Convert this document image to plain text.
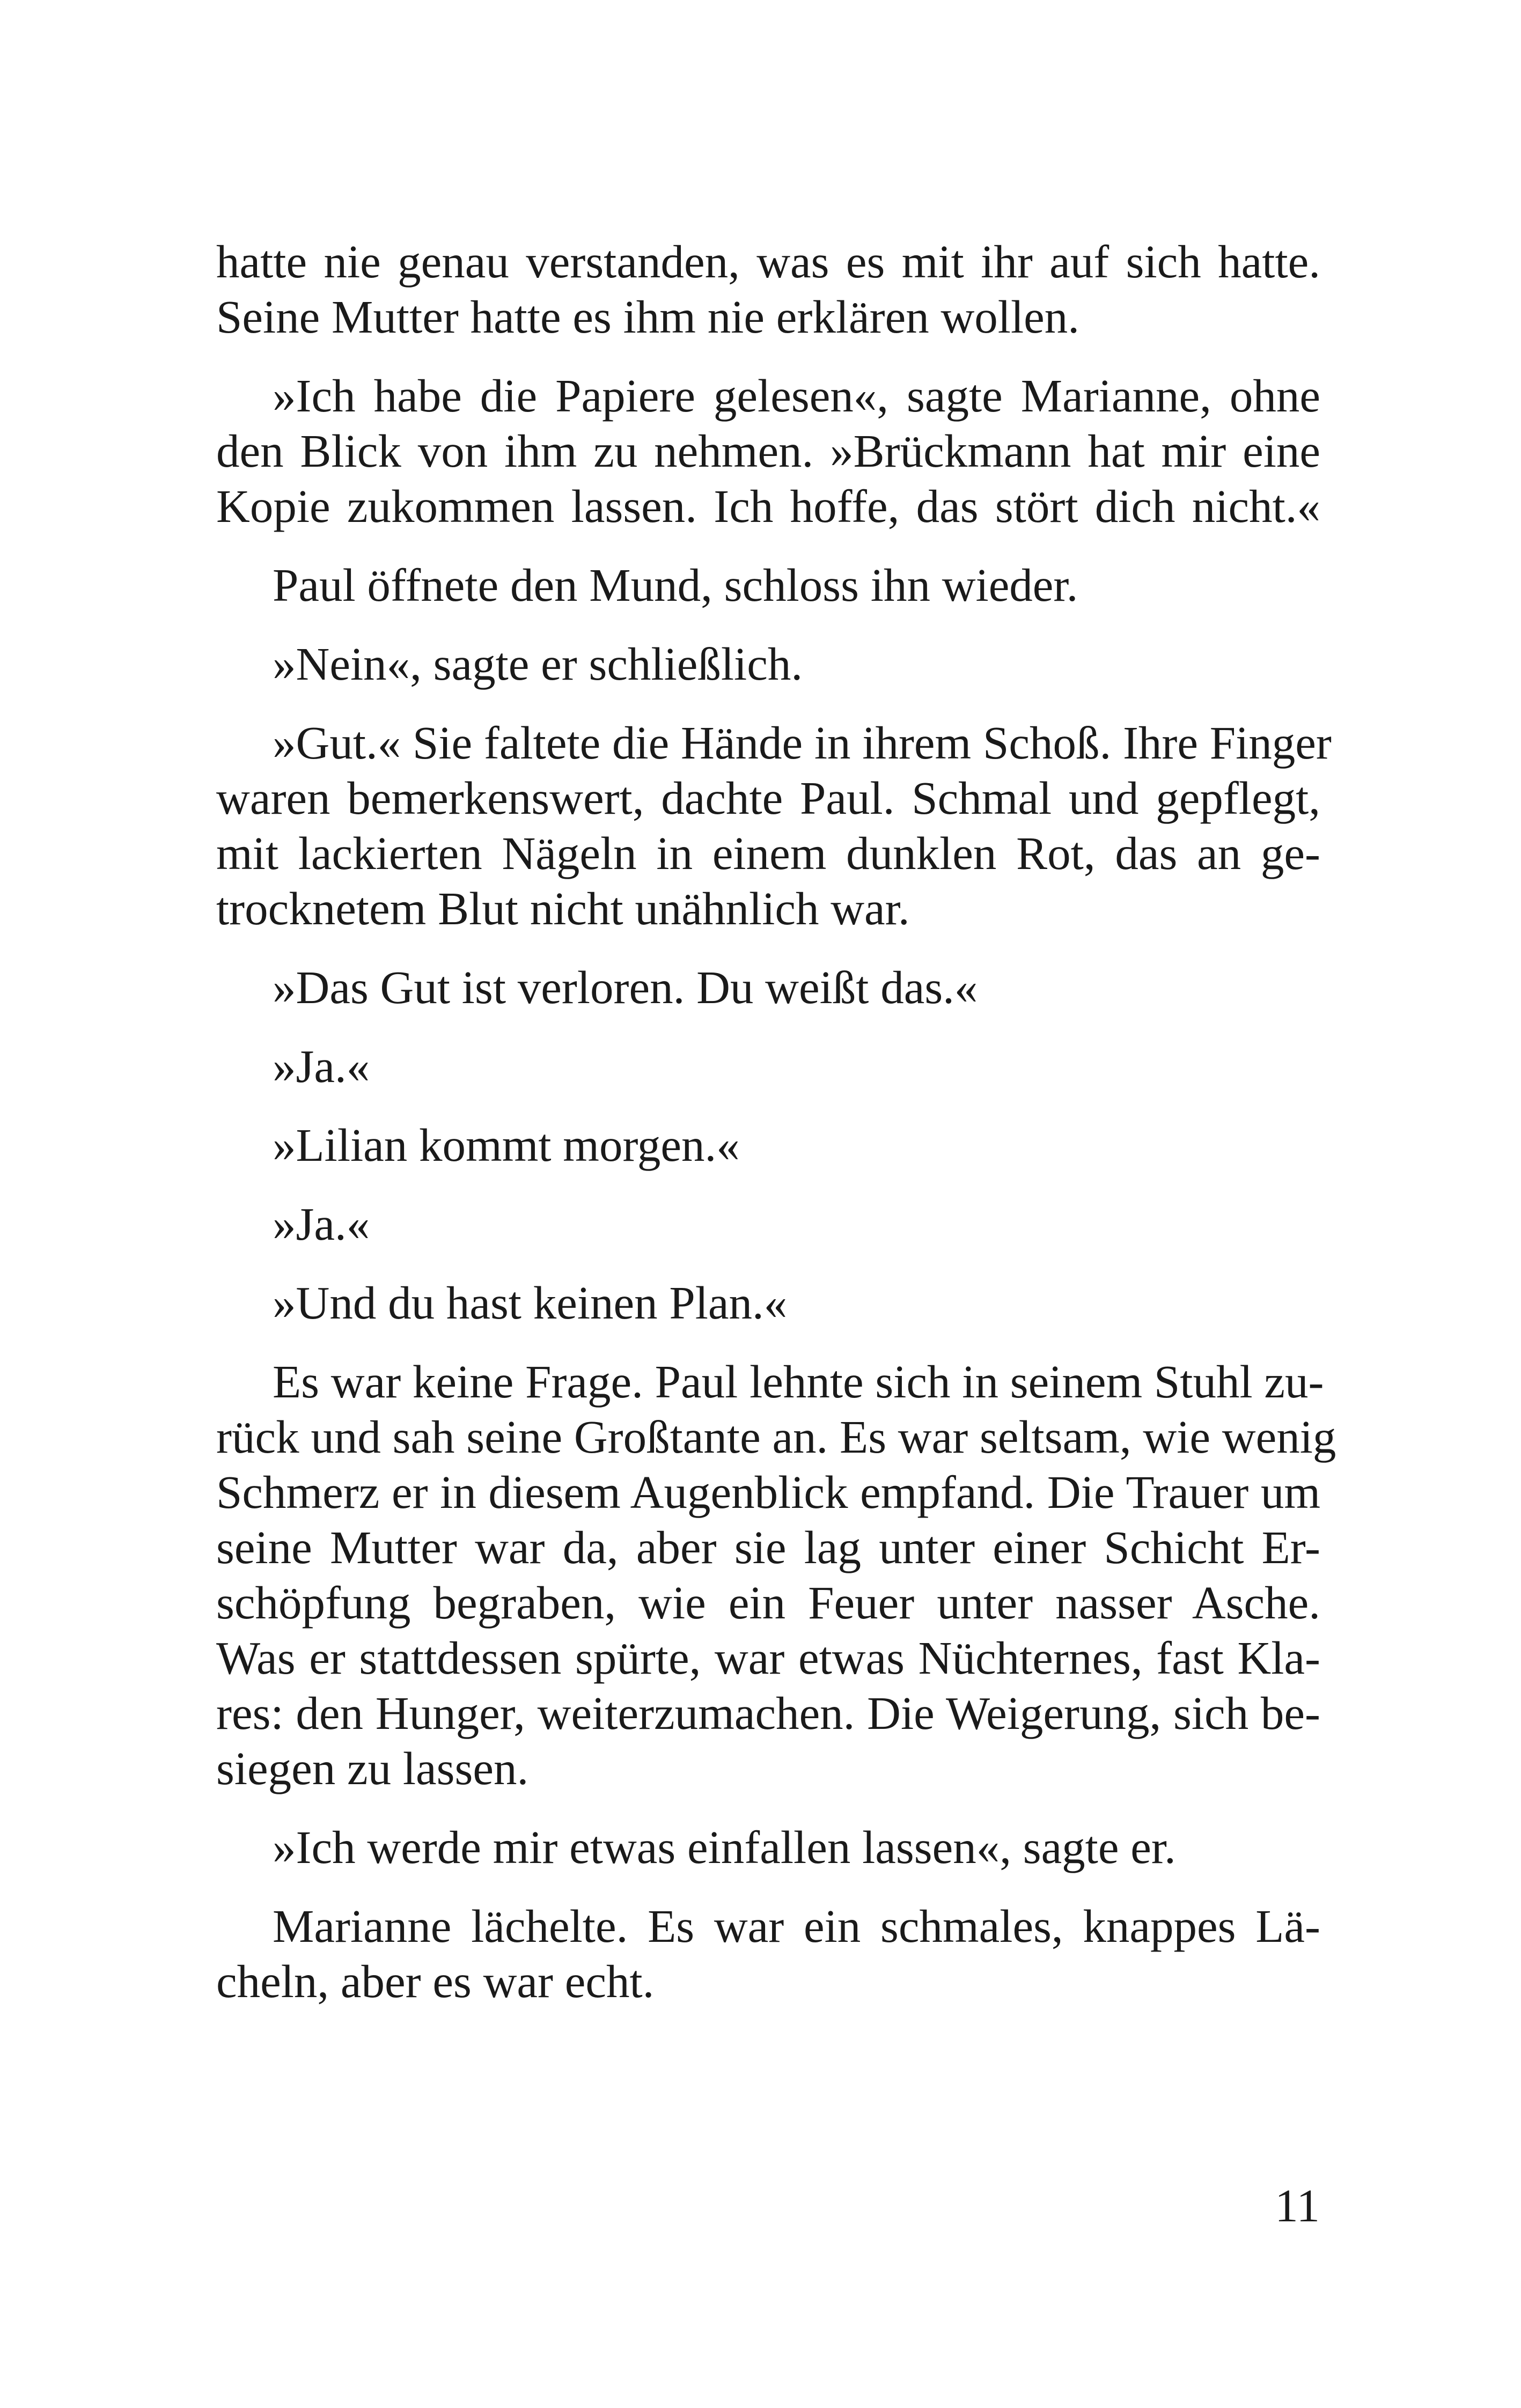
hatte nie genau verstanden, was es mit ihr auf sich hatte.
Seine Mutter hatte es ihm nie erklären wollen.
»Ich habe die Papiere gelesen«, sagte Marianne, ohne
den Blick von ihm zu nehmen. »Brückmann hat mir eine
Kopie zukommen lassen. Ich hoffe, das stört dich nicht.«
Paul öffnete den Mund, schloss ihn wieder.
»Nein«, sagte er schließlich.
»Gut.« Sie faltete die Hände in ihrem Schoß. Ihre Finger
waren bemerkenswert, dachte Paul. Schmal und gepflegt,
mit lackierten Nägeln in einem dunklen Rot, das an ge-
trocknetem Blut nicht unähnlich war.
»Das Gut ist verloren. Du weißt das.«
»Ja.«
»Lilian kommt morgen.«
»Ja.«
»Und du hast keinen Plan.«
Es war keine Frage. Paul lehnte sich in seinem Stuhl zu-
rück und sah seine Großtante an. Es war seltsam, wie wenig
Schmerz er in diesem Augenblick empfand. Die Trauer um
seine Mutter war da, aber sie lag unter einer Schicht Er-
schöpfung begraben, wie ein Feuer unter nasser Asche.
Was er stattdessen spürte, war etwas Nüchternes, fast Kla-
res: den Hunger, weiterzumachen. Die Weigerung, sich be-
siegen zu lassen.
»Ich werde mir etwas einfallen lassen«, sagte er.
Marianne lächelte. Es war ein schmales, knappes Lä-
cheln, aber es war echt.
11
